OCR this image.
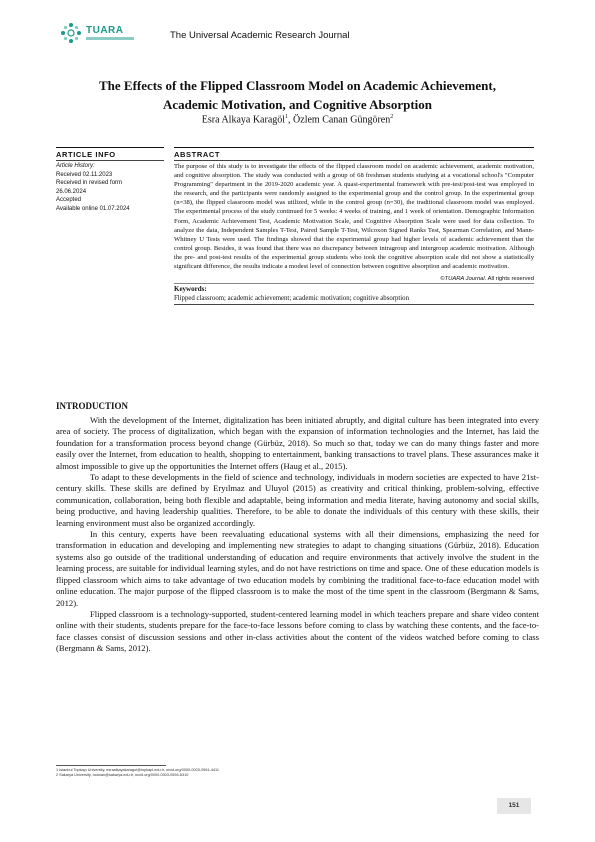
TUARA	The Universal Academic Research Journal
The Effects of the Flipped Classroom Model on Academic Achievement,
Academic Motivation, and Cognitive Absorption
Esra Alkaya Karagöl$^1$, Özlem Canan Güngören$^2$
ARTICLE INFO
Article History:
Received 02.11.2023
Received in revised form
26.06.2024
Accepted
Available online 01.07.2024
ABSTRACT
The purpose of this study is to investigate the effects of the flipped classroom model on academic achievement, academic motivation, and cognitive absorption. The study was conducted with a group of 68 freshman students studying at a vocational school's "Computer Programming" department in the 2019-2020 academic year. A quasi-experimental framework with pre-test/post-test was employed in the research, and the participants were randomly assigned to the experimental group and the control group. In the experimental group (n=38), the flipped classroom model was utilized, while in the control group (n=30), the traditional classroom model was employed. The experimental process of the study continued for 5 weeks: 4 weeks of training, and 1 week of orientation. Demographic Information Form, Academic Achievement Test, Academic Motivation Scale, and Cognitive Absorption Scale were used for data collection. To analyze the data, Independent Samples T-Test, Paired Sample T-Test, Wilcoxon Signed Ranks Test, Spearman Correlation, and Mann-Whitney U Tests were used. The findings showed that the experimental group had higher levels of academic achievement than the control group. Besides, it was found that there was no discrepancy between intragroup and intergroup academic motivation. Although the pre- and post-test results of the experimental group students who took the cognitive absorption scale did not show a statistically significant difference, the results indicate a modest level of connection between cognitive absorption and academic motivation.
©TUARA Journal. All rights reserved
Keywords:
Flipped classroom; academic achievement; academic motivation; cognitive absorption
INTRODUCTION

With the development of the Internet, digitalization has been initiated abruptly, and digital culture has been integrated into every area of society. The process of digitalization, which began with the expansion of information technologies and the Internet, has laid the foundation for a transformation process beyond change (Gürbüz, 2018). So much so that, today we can do many things faster and more easily over the Internet, from education to health, shopping to entertainment, banking transactions to travel plans. These assurances make it almost impossible to give up the opportunities the Internet offers (Haug et al., 2015).

To adapt to these developments in the field of science and technology, individuals in modern societies are expected to have 21st-century skills. These skills are defined by Eryılmaz and Uluyol (2015) as creativity and critical thinking, problem-solving, effective communication, collaboration, being both flexible and adaptable, being information and media literate, having autonomy and social skills, being productive, and having leadership qualities. Therefore, to be able to donate the individuals of this century with these skills, their learning environment must also be organized accordingly.

In this century, experts have been reevaluating educational systems with all their dimensions, emphasizing the need for transformation in education and developing and implementing new strategies to adapt to changing situations (Gürbüz, 2018). Education systems also go outside of the traditional understanding of education and require environments that actively involve the student in the learning process, are suitable for individual learning styles, and do not have restrictions on time and space. One of these education models is flipped classroom which aims to take advantage of two education models by combining the traditional face-to-face education model with online education. The major purpose of the flipped classroom is to make the most of the time spent in the classroom (Bergmann & Sams, 2012).

Flipped classroom is a technology-supported, student-centered learning model in which teachers prepare and share video content online with their students, students prepare for the face-to-face lessons before coming to class by watching these contents, and the face-to-face classes consist of discussion sessions and other in-class activities about the content of the videos watched before coming to class (Bergmann & Sams, 2012).

1 İstanbul Topkapı University, esraalkayakaragol@topkapi.edu.tr, orcid.org/0000-0003-0561-4411
2 Sakarya University, ocanan@sakarya.edu.tr, orcid.org/0000-0003-0594-6310
151
